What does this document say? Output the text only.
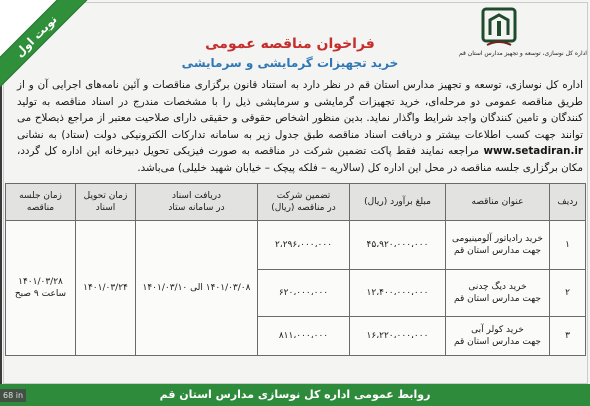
نوبت اول	اداره کل نوسازی، توسعه و تجهیز مدارس استان قم
فراخوان مناقصه عمومی
خرید تجهیزات گرمایشی و سرمایشی

اداره کل نوسازی، توسعه و تجهیز مدارس استان قم در نظر دارد به استناد قانون برگزاری مناقصات و آئین نامه‌های اجرایی آن و از طریق مناقصه عمومی دو مرحله‌ای، خرید تجهیزات گرمایشی و سرمایشی ذیل را با مشخصات مندرج در اسناد مناقصه به تولید کنندگان و تامین کنندگان واجد شرایط واگذار نماید. بدین منظور اشخاص حقوقی و حقیقی دارای صلاحیت معتبر از مراجع ذیصلاح می توانند جهت کسب اطلاعات بیشتر و دریافت اسناد مناقصه طبق جدول زیر به سامانه تدارکات الکترونیکی دولت (ستاد) به نشانی www.setadiran.ir مراجعه نمایند فقط پاکت تضمین شرکت در مناقصه به صورت فیزیکی تحویل دبیرخانه این اداره کل گردد، مکان برگزاری جلسه مناقصه در محل این اداره کل (سالاریه – فلکه پیچک – خیابان شهید خلیلی) می‌باشد.

ردیف	عنوان مناقصه	مبلغ برآورد (ریال)	تضمین شرکت
در مناقصه (ریال)	دریافت اسناد
در سامانه ستاد	زمان تحویل
اسناد	زمان جلسه مناقصه
۱	خرید رادیاتور آلومینیومی
جهت مدارس استان قم	۴۵،۹۲۰،۰۰۰،۰۰۰	۲،۲۹۶،۰۰۰،۰۰۰	۱۴۰۱/۰۳/۰۸ الی ۱۴۰۱/۰۳/۱۰	۱۴۰۱/۰۳/۲۴	۱۴۰۱/۰۳/۲۸
ساعت ۹ صبح

۲	خرید دیگ چدنی
جهت مدارس استان قم	۱۲،۴۰۰،۰۰۰،۰۰۰	۶۲۰،۰۰۰،۰۰۰			
۳	خرید کولر آبی
جهت مدارس استان قم	۱۶،۲۲۰،۰۰۰،۰۰۰	۸۱۱،۰۰۰،۰۰۰			
روابط عمومی اداره کل نوسازی مدارس استان قم
68 in
